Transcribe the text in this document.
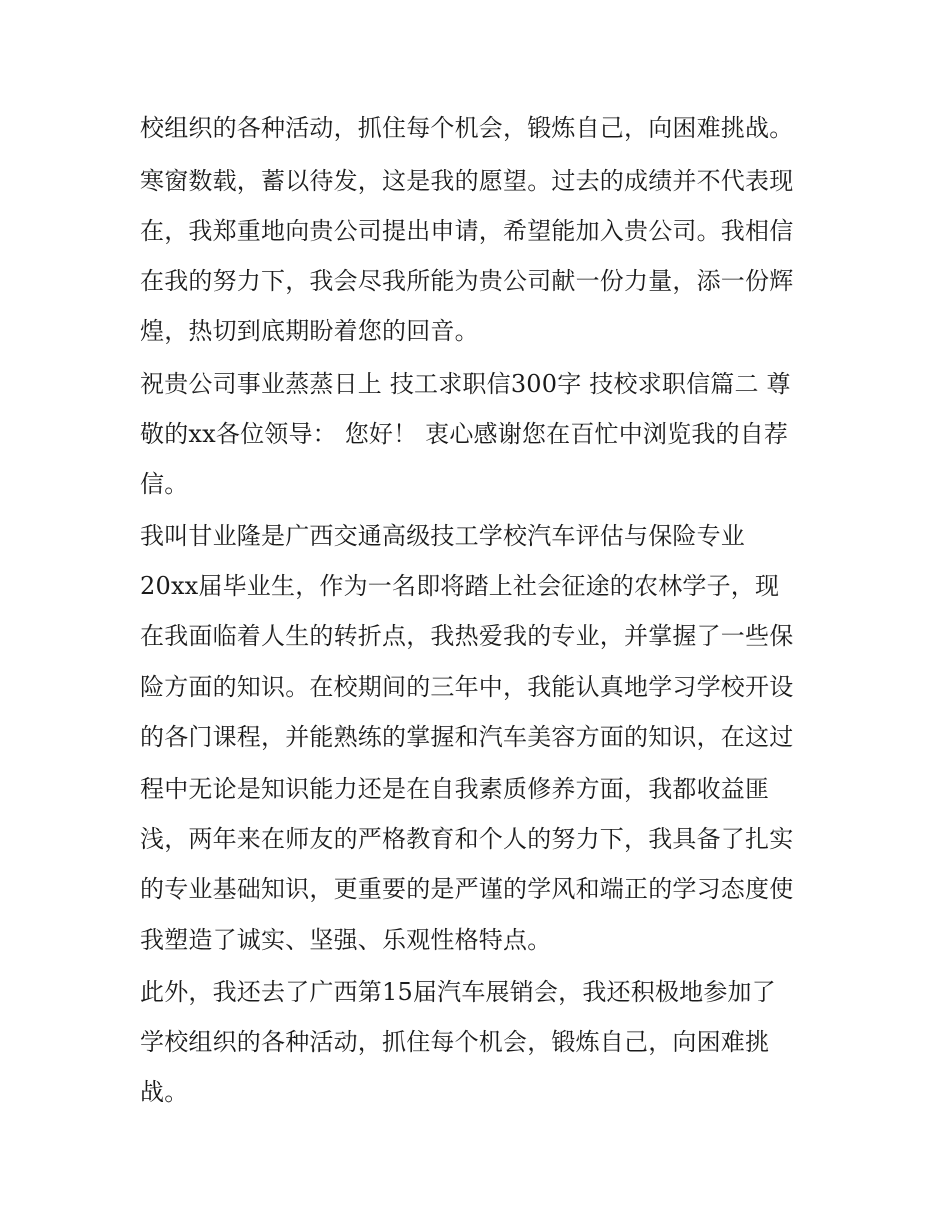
校组织的各种活动，抓住每个机会，锻炼自己，向困难挑战。
寒窗数载，蓄以待发，这是我的愿望。过去的成绩并不代表现
在，我郑重地向贵公司提出申请，希望能加入贵公司。我相信
在我的努力下，我会尽我所能为贵公司献一份力量，添一份辉
煌，热切到底期盼着您的回音。
祝贵公司事业蒸蒸日上 技工求职信300字 技校求职信篇二 尊
敬的xx各位领导： 您好！ 衷心感谢您在百忙中浏览我的自荐
信。
我叫甘业隆是广西交通高级技工学校汽车评估与保险专业
20xx届毕业生，作为一名即将踏上社会征途的农林学子，现
在我面临着人生的转折点，我热爱我的专业，并掌握了一些保
险方面的知识。在校期间的三年中，我能认真地学习学校开设
的各门课程，并能熟练的掌握和汽车美容方面的知识，在这过
程中无论是知识能力还是在自我素质修养方面，我都收益匪
浅，两年来在师友的严格教育和个人的努力下，我具备了扎实
的专业基础知识，更重要的是严谨的学风和端正的学习态度使
我塑造了诚实、坚强、乐观性格特点。
此外，我还去了广西第15届汽车展销会，我还积极地参加了
学校组织的各种活动，抓住每个机会，锻炼自己，向困难挑
战。
